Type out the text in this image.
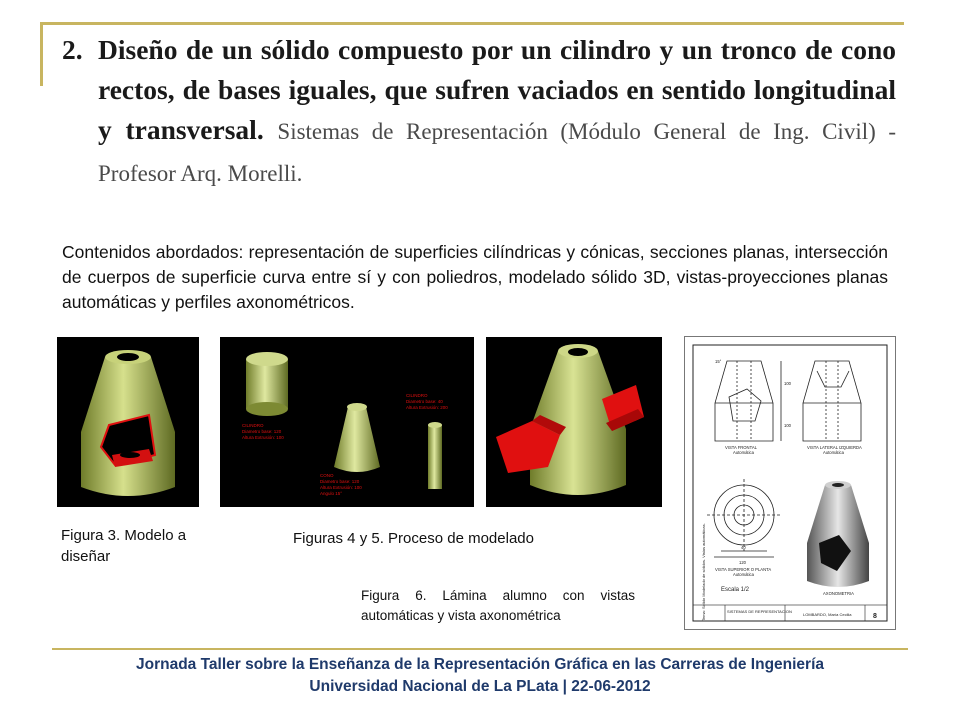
2. Diseño de un sólido compuesto por un cilindro y un tronco de cono rectos, de bases iguales, que sufren vaciados en sentido longitudinal y transversal. Sistemas de Representación (Módulo General de Ing. Civil) - Profesor Arq. Morelli.
Contenidos abordados: representación de superficies cilíndricas y cónicas, secciones planas, intersección de cuerpos de superficie curva entre sí y con poliedros, modelado sólido 3D, vistas-proyecciones planas automáticas y perfiles axonométricos.
CILINDRO
Diametro base: 120
Altura Extrusión: 100
CONO
Diametro base: 120
Altura Extrusión: 100
Angulo 15°
CILINDRO
Diametro base: 40
Altura Extrusión: 200
15°
100
100
VISTA FRONTAL
Automática
VISTA LATERAL IZQUIERDA
Automática
40
120
VISTA SUPERIOR O PLANTA
Automática
Escala 1/2
AXONOMETRIA
Tema: Sólido Modelado de sólidos. Vistas automáticas.	SISTEMAS DE REPRESENTACION
LOMBARDO, María Cecilia	8
Figura 3. Modelo a diseñar
Figuras 4 y 5. Proceso de modelado
Figura 6. Lámina alumno con vistas automáticas y vista axonométrica
Jornada Taller sobre la Enseñanza de la Representación Gráfica en las Carreras de Ingeniería
Universidad Nacional de La PLata | 22-06-2012
